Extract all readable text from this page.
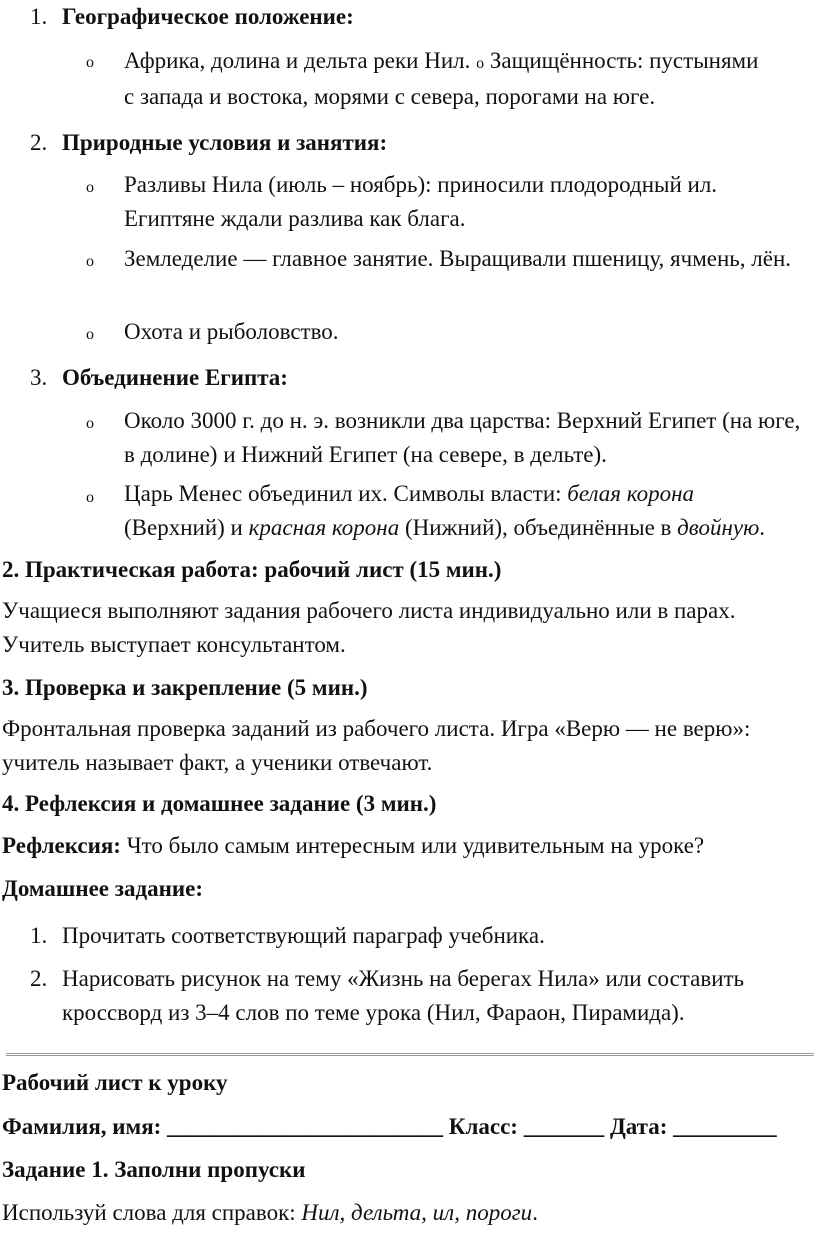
1. Географическое положение:
o Африка, долина и дельта реки Нил. o Защищённость: пустынями
с запада и востока, морями с севера, порогами на юге.
2. Природные условия и занятия:
o Разливы Нила (июль – ноябрь): приносили плодородный ил. Египтяне ждали разлива как блага.
o Земледелие — главное занятие. Выращивали пшеницу, ячмень, лён.
o Охота и рыболовство.
3. Объединение Египта:
o Около 3000 г. до н. э. возникли два царства: Верхний Египет (на юге, в долине) и Нижний Египет (на севере, в дельте).
o Царь Менес объединил их. Символы власти: белая корона
(Верхний) и красная корона (Нижний), объединённые в двойную.
2. Практическая работа: рабочий лист (15 мин.)
Учащиеся выполняют задания рабочего листа индивидуально или в парах. Учитель выступает консультантом.
3. Проверка и закрепление (5 мин.)
Фронтальная проверка заданий из рабочего листа. Игра «Верю — не верю»: учитель называет факт, а ученики отвечают.
4. Рефлексия и домашнее задание (3 мин.)
Рефлексия: Что было самым интересным или удивительным на уроке?
Домашнее задание:
1. Прочитать соответствующий параграф учебника.
2. Нарисовать рисунок на тему «Жизнь на берегах Нила» или составить кроссворд из 3–4 слов по теме урока (Нил, Фараон, Пирамида).
Рабочий лист к уроку
Фамилия, имя: ________________________ Класс: _______ Дата: _________
Задание 1. Заполни пропуски
Используй слова для справок: Нил, дельта, ил, пороги.
